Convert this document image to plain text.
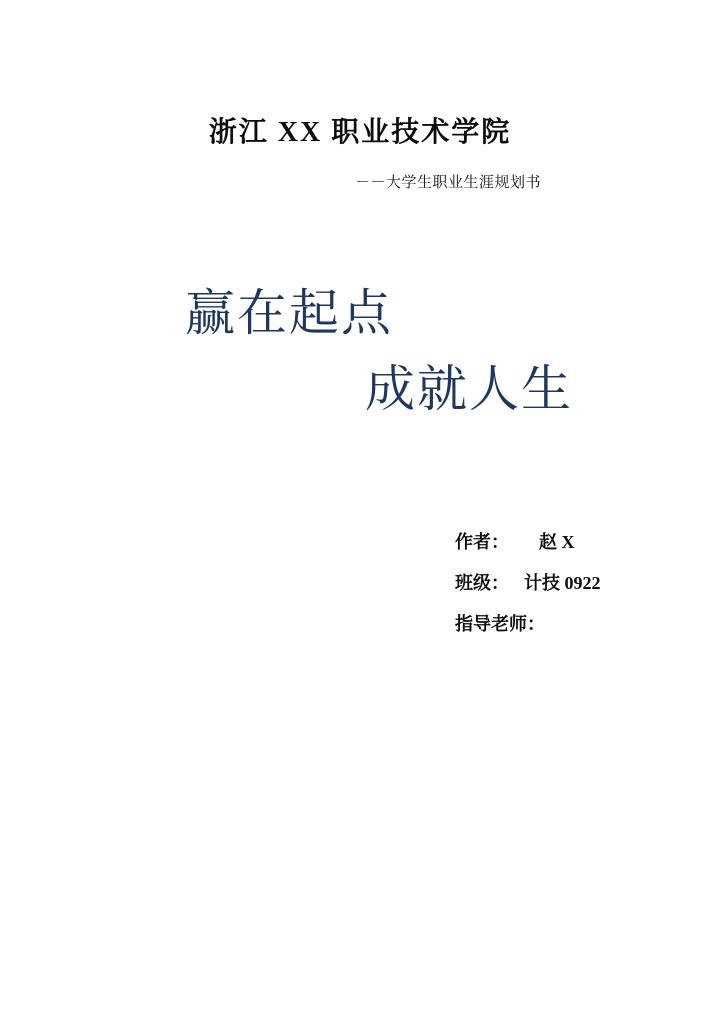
浙江 XX 职业技术学院
－－大学生职业生涯规划书
赢在起点
成就人生
作者： 赵 X
班级： 计技 0922
指导老师：
